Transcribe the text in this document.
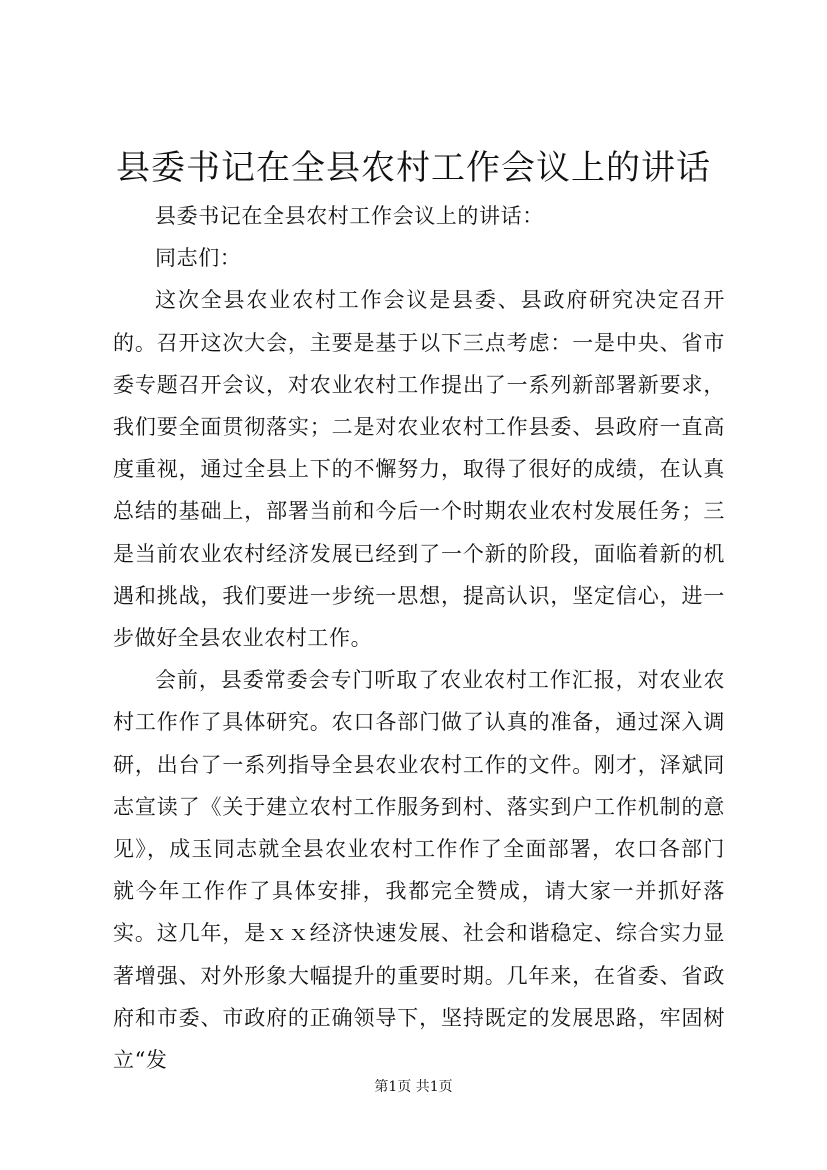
县委书记在全县农村工作会议上的讲话

县委书记在全县农村工作会议上的讲话：

同志们：

这次全县农业农村工作会议是县委、县政府研究决定召开的。召开这次大会，主要是基于以下三点考虑：一是中央、省市委专题召开会议，对农业农村工作提出了一系列新部署新要求，我们要全面贯彻落实；二是对农业农村工作县委、县政府一直高度重视，通过全县上下的不懈努力，取得了很好的成绩，在认真总结的基础上，部署当前和今后一个时期农业农村发展任务；三是当前农业农村经济发展已经到了一个新的阶段，面临着新的机遇和挑战，我们要进一步统一思想，提高认识，坚定信心，进一步做好全县农业农村工作。

会前，县委常委会专门听取了农业农村工作汇报，对农业农村工作作了具体研究。农口各部门做了认真的准备，通过深入调研，出台了一系列指导全县农业农村工作的文件。刚才，泽斌同志宣读了《关于建立农村工作服务到村、落实到户工作机制的意见》，成玉同志就全县农业农村工作作了全面部署，农口各部门就今年工作作了具体安排，我都完全赞成，请大家一并抓好落实。这几年，是ｘｘ经济快速发展、社会和谐稳定、综合实力显著增强、对外形象大幅提升的重要时期。几年来，在省委、省政府和市委、市政府的正确领导下，坚持既定的发展思路，牢固树立“发

第1页 共1页
